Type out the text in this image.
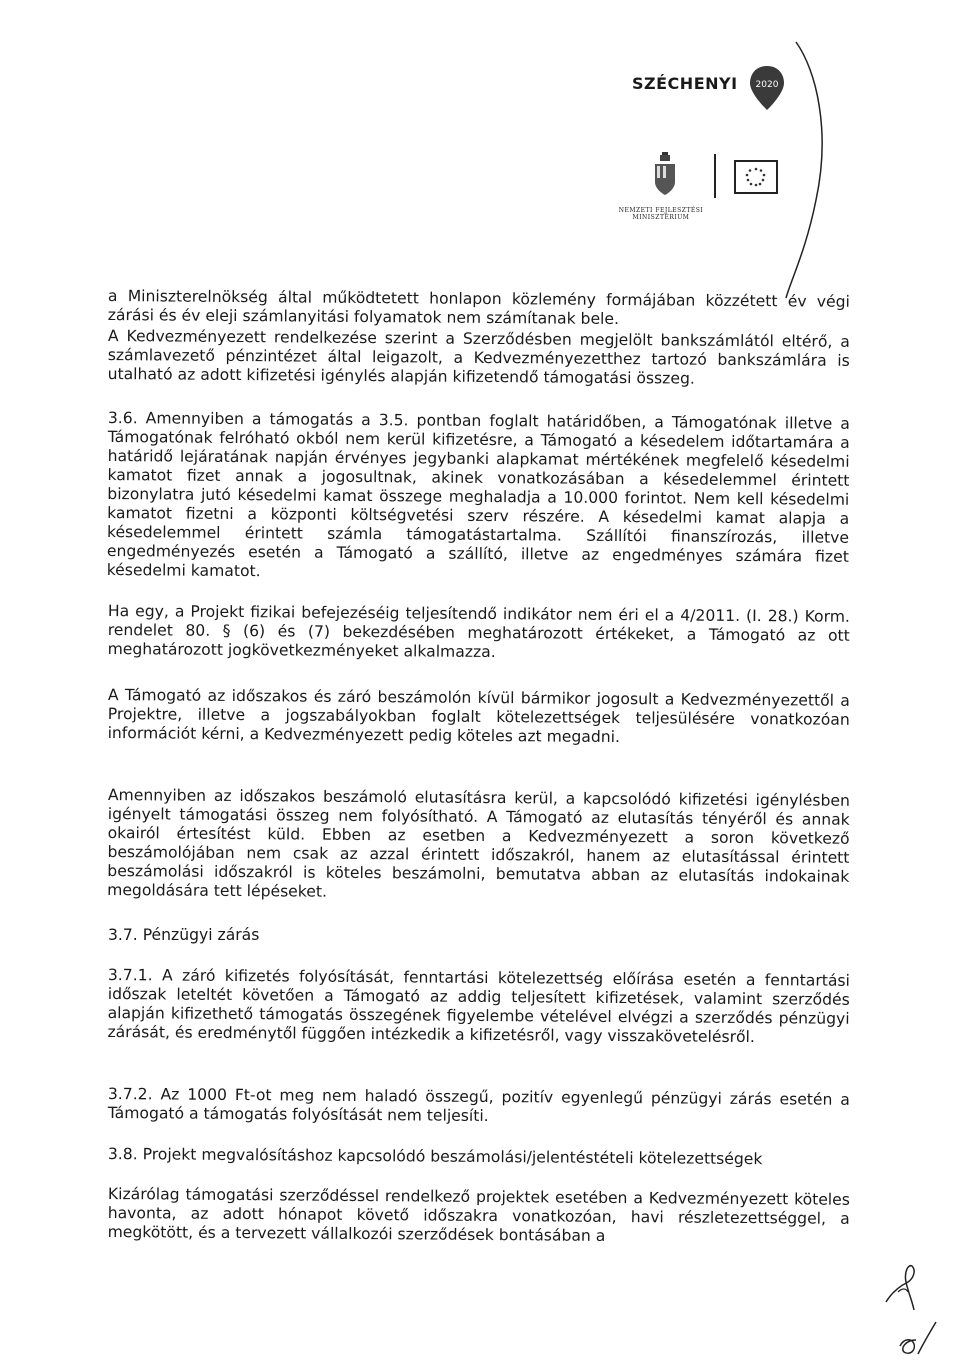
SZÉCHENYI 2020
NEMZETI FEJLESZTÉSI
MINISZTÉRIUM

a Miniszterelnökség által működtetett honlapon közlemény formájában közzétett év végi zárási és év eleji számlanyitási folyamatok nem számítanak bele.

A Kedvezményezett rendelkezése szerint a Szerződésben megjelölt bankszámlától eltérő, a számlavezető pénzintézet által leigazolt, a Kedvezményezetthez tartozó bankszámlára is utalható az adott kifizetési igénylés alapján kifizetendő támogatási összeg.

3.6. Amennyiben a támogatás a 3.5. pontban foglalt határidőben, a Támogatónak illetve a Támogatónak felróható okból nem kerül kifizetésre, a Támogató a késedelem időtartamára a határidő lejáratának napján érvényes jegybanki alapkamat mértékének megfelelő késedelmi kamatot fizet annak a jogosultnak, akinek vonatkozásában a késedelemmel érintett bizonylatra jutó késedelmi kamat összege meghaladja a 10.000 forintot. Nem kell késedelmi kamatot fizetni a központi költségvetési szerv részére. A késedelmi kamat alapja a késedelemmel érintett számla támogatástartalma. Szállítói finanszírozás, illetve engedményezés esetén a Támogató a szállító, illetve az engedményes számára fizet késedelmi kamatot.

Ha egy, a Projekt fizikai befejezéséig teljesítendő indikátor nem éri el a 4/2011. (I. 28.) Korm. rendelet 80. § (6) és (7) bekezdésében meghatározott értékeket, a Támogató az ott meghatározott jogkövetkezményeket alkalmazza.

A Támogató az időszakos és záró beszámolón kívül bármikor jogosult a Kedvezményezettől a Projektre, illetve a jogszabályokban foglalt kötelezettségek teljesülésére vonatkozóan információt kérni, a Kedvezményezett pedig köteles azt megadni.

Amennyiben az időszakos beszámoló elutasításra kerül, a kapcsolódó kifizetési igénylésben igényelt támogatási összeg nem folyósítható. A Támogató az elutasítás tényéről és annak okairól értesítést küld. Ebben az esetben a Kedvezményezett a soron következő beszámolójában nem csak az azzal érintett időszakról, hanem az elutasítással érintett beszámolási időszakról is köteles beszámolni, bemutatva abban az elutasítás indokainak megoldására tett lépéseket.

3.7. Pénzügyi zárás

3.7.1. A záró kifizetés folyósítását, fenntartási kötelezettség előírása esetén a fenntartási időszak leteltét követően a Támogató az addig teljesített kifizetések, valamint szerződés alapján kifizethető támogatás összegének figyelembe vételével elvégzi a szerződés pénzügyi zárását, és eredménytől függően intézkedik a kifizetésről, vagy visszakövetelésről.

3.7.2. Az 1000 Ft-ot meg nem haladó összegű, pozitív egyenlegű pénzügyi zárás esetén a Támogató a támogatás folyósítását nem teljesíti.

3.8. Projekt megvalósításhoz kapcsolódó beszámolási/jelentéstételi kötelezettségek

Kizárólag támogatási szerződéssel rendelkező projektek esetében a Kedvezményezett köteles havonta, az adott hónapot követő időszakra vonatkozóan, havi részletezettséggel, a megkötött, és a tervezett vállalkozói szerződések bontásában a
